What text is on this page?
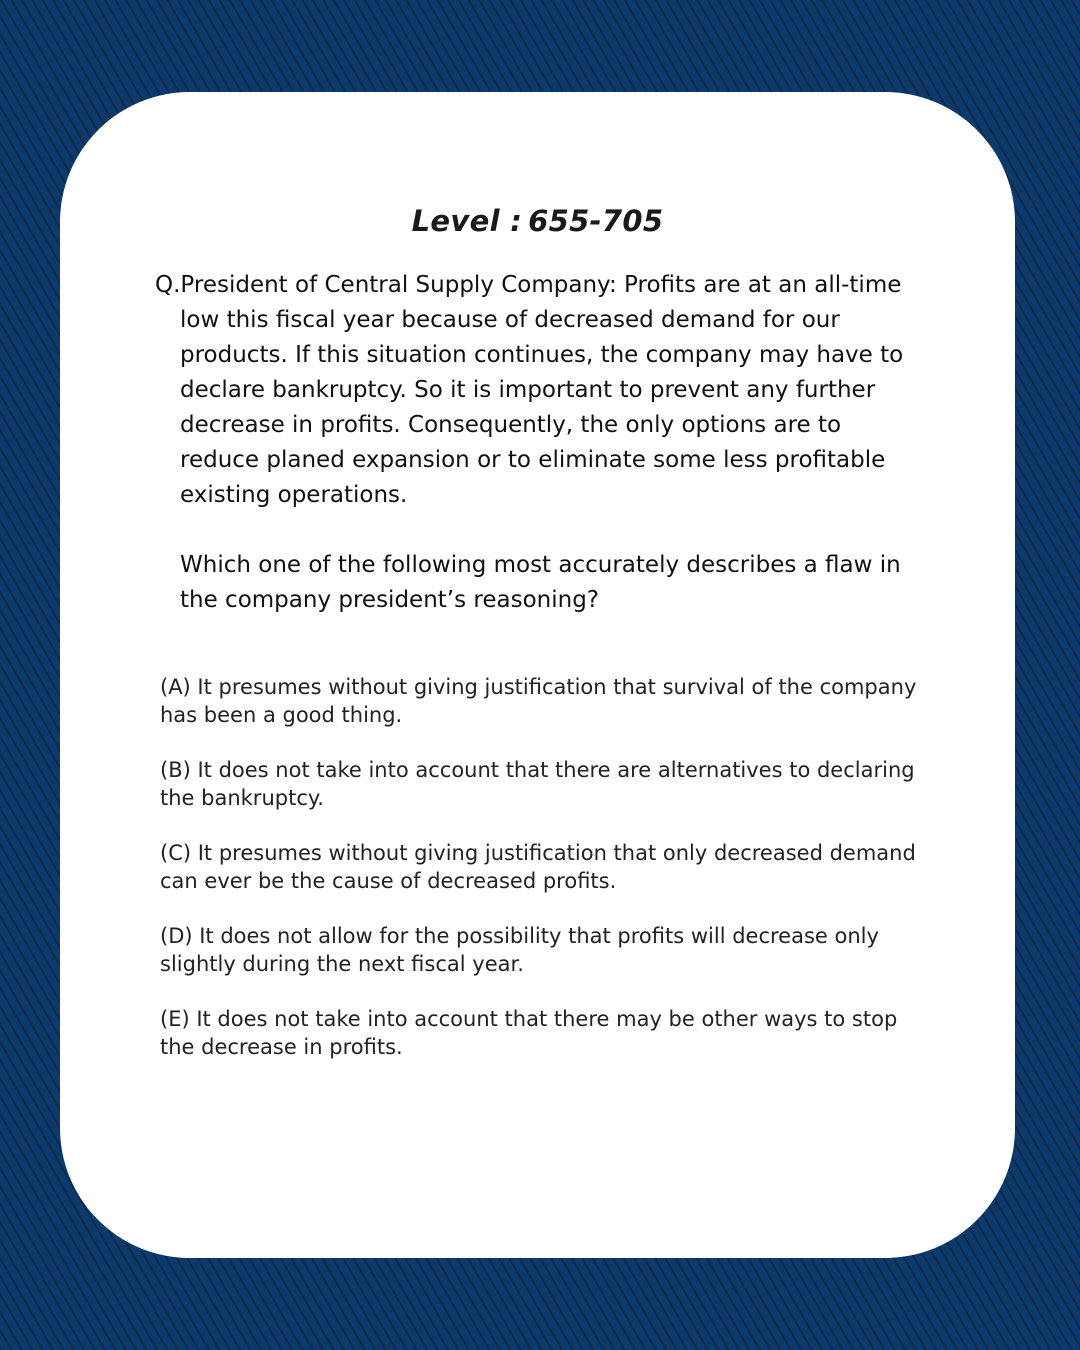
Level : 655-705

Q.President of Central Supply Company: Profits are at an all-time low this fiscal year because of decreased demand for our products. If this situation continues, the company may have to declare bankruptcy. So it is important to prevent any further decrease in profits. Consequently, the only options are to reduce planed expansion or to eliminate some less profitable existing operations.

Which one of the following most accurately describes a flaw in the company president’s reasoning?

(A) It presumes without giving justification that survival of the company has been a good thing.

(B) It does not take into account that there are alternatives to declaring the bankruptcy.

(C) It presumes without giving justification that only decreased demand can ever be the cause of decreased profits.

(D) It does not allow for the possibility that profits will decrease only slightly during the next fiscal year.

(E) It does not take into account that there may be other ways to stop the decrease in profits.
